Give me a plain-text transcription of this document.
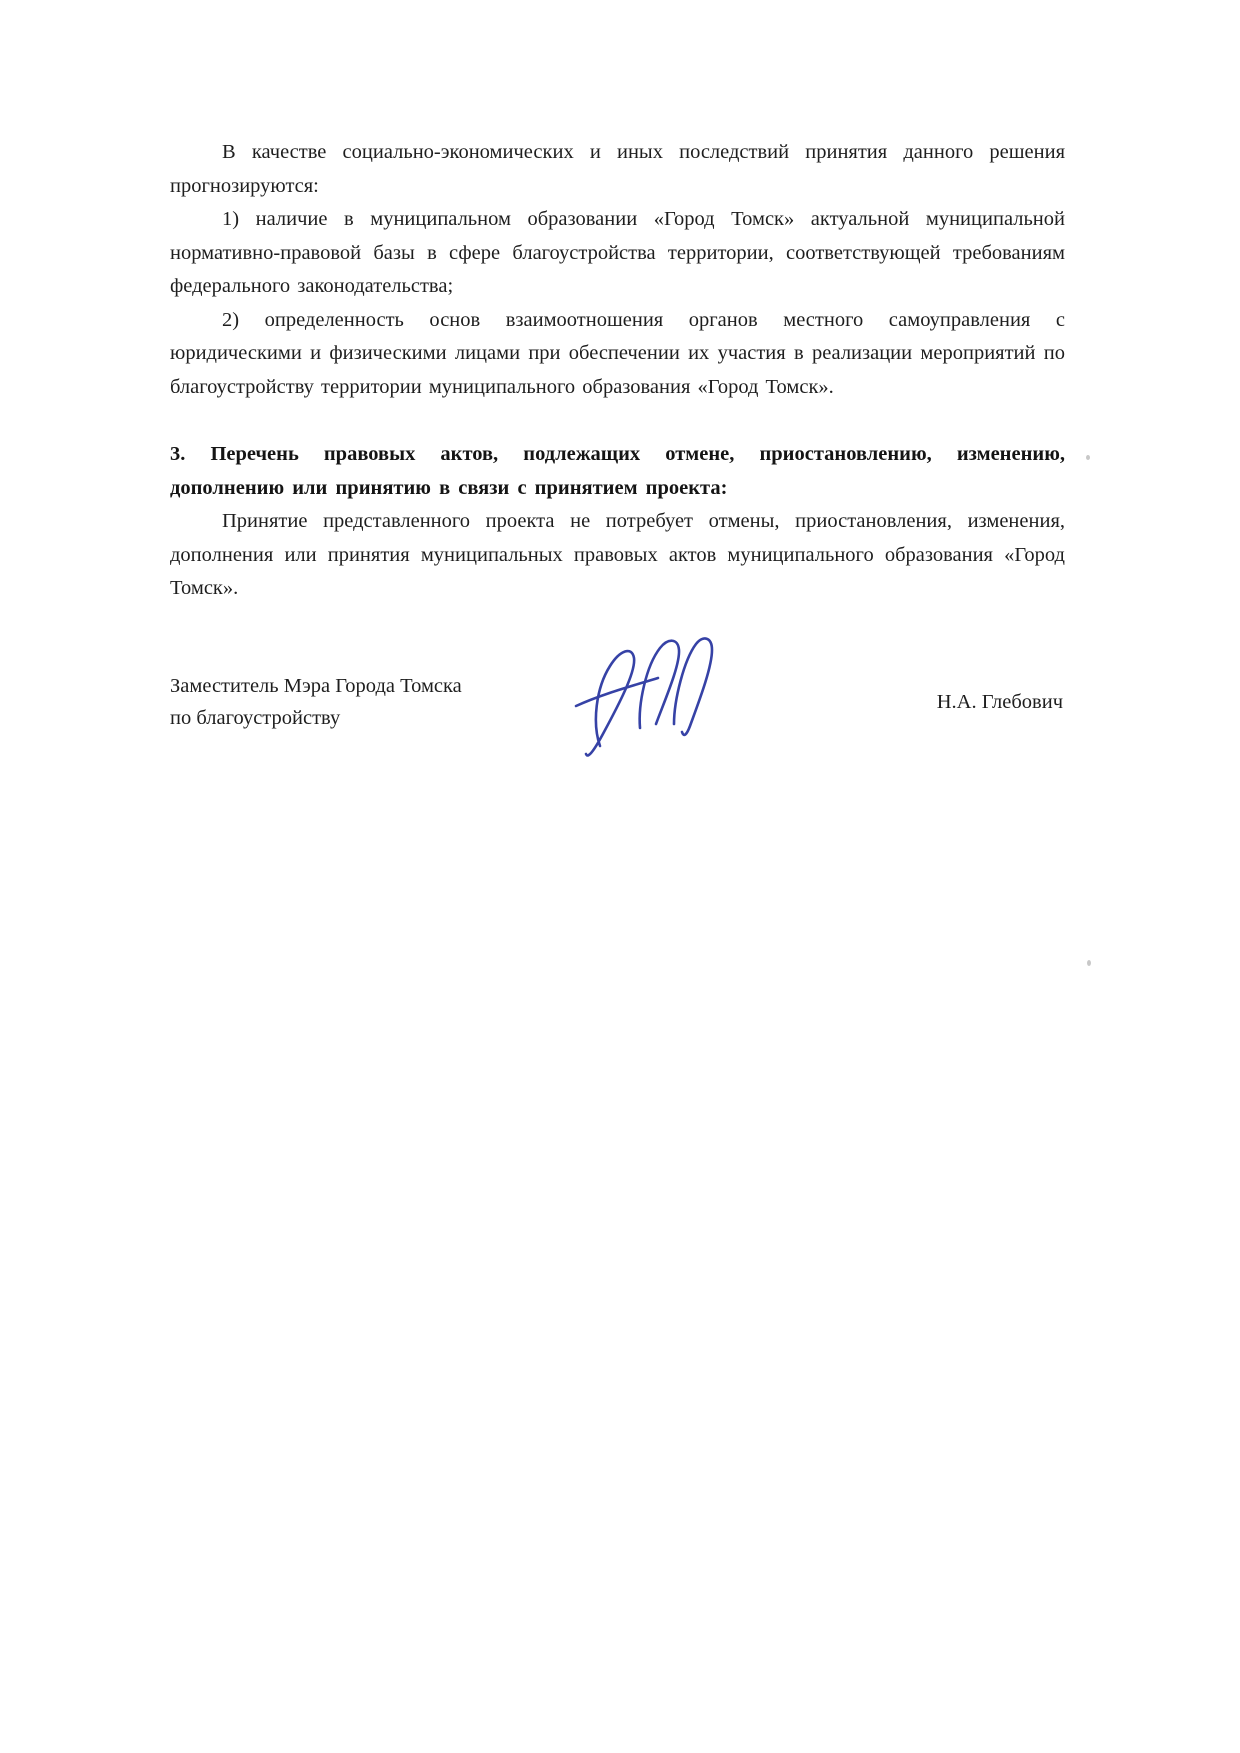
В качестве социально-экономических и иных последствий принятия данного решения прогнозируются:

1) наличие в муниципальном образовании «Город Томск» актуальной муниципальной нормативно-правовой базы в сфере благоустройства территории, соответствующей требованиям федерального законодательства;

2) определенность основ взаимоотношения органов местного самоуправления с юридическими и физическими лицами при обеспечении их участия в реализации мероприятий по благоустройству территории муниципального образования «Город Томск».

3. Перечень правовых актов, подлежащих отмене, приостановлению, изменению, дополнению или принятию в связи с принятием проекта:

Принятие представленного проекта не потребует отмены, приостановления, изменения, дополнения или принятия муниципальных правовых актов муниципального образования «Город Томск».

Заместитель Мэра Города Томска
по благоустройству
Н.А. Глебович
